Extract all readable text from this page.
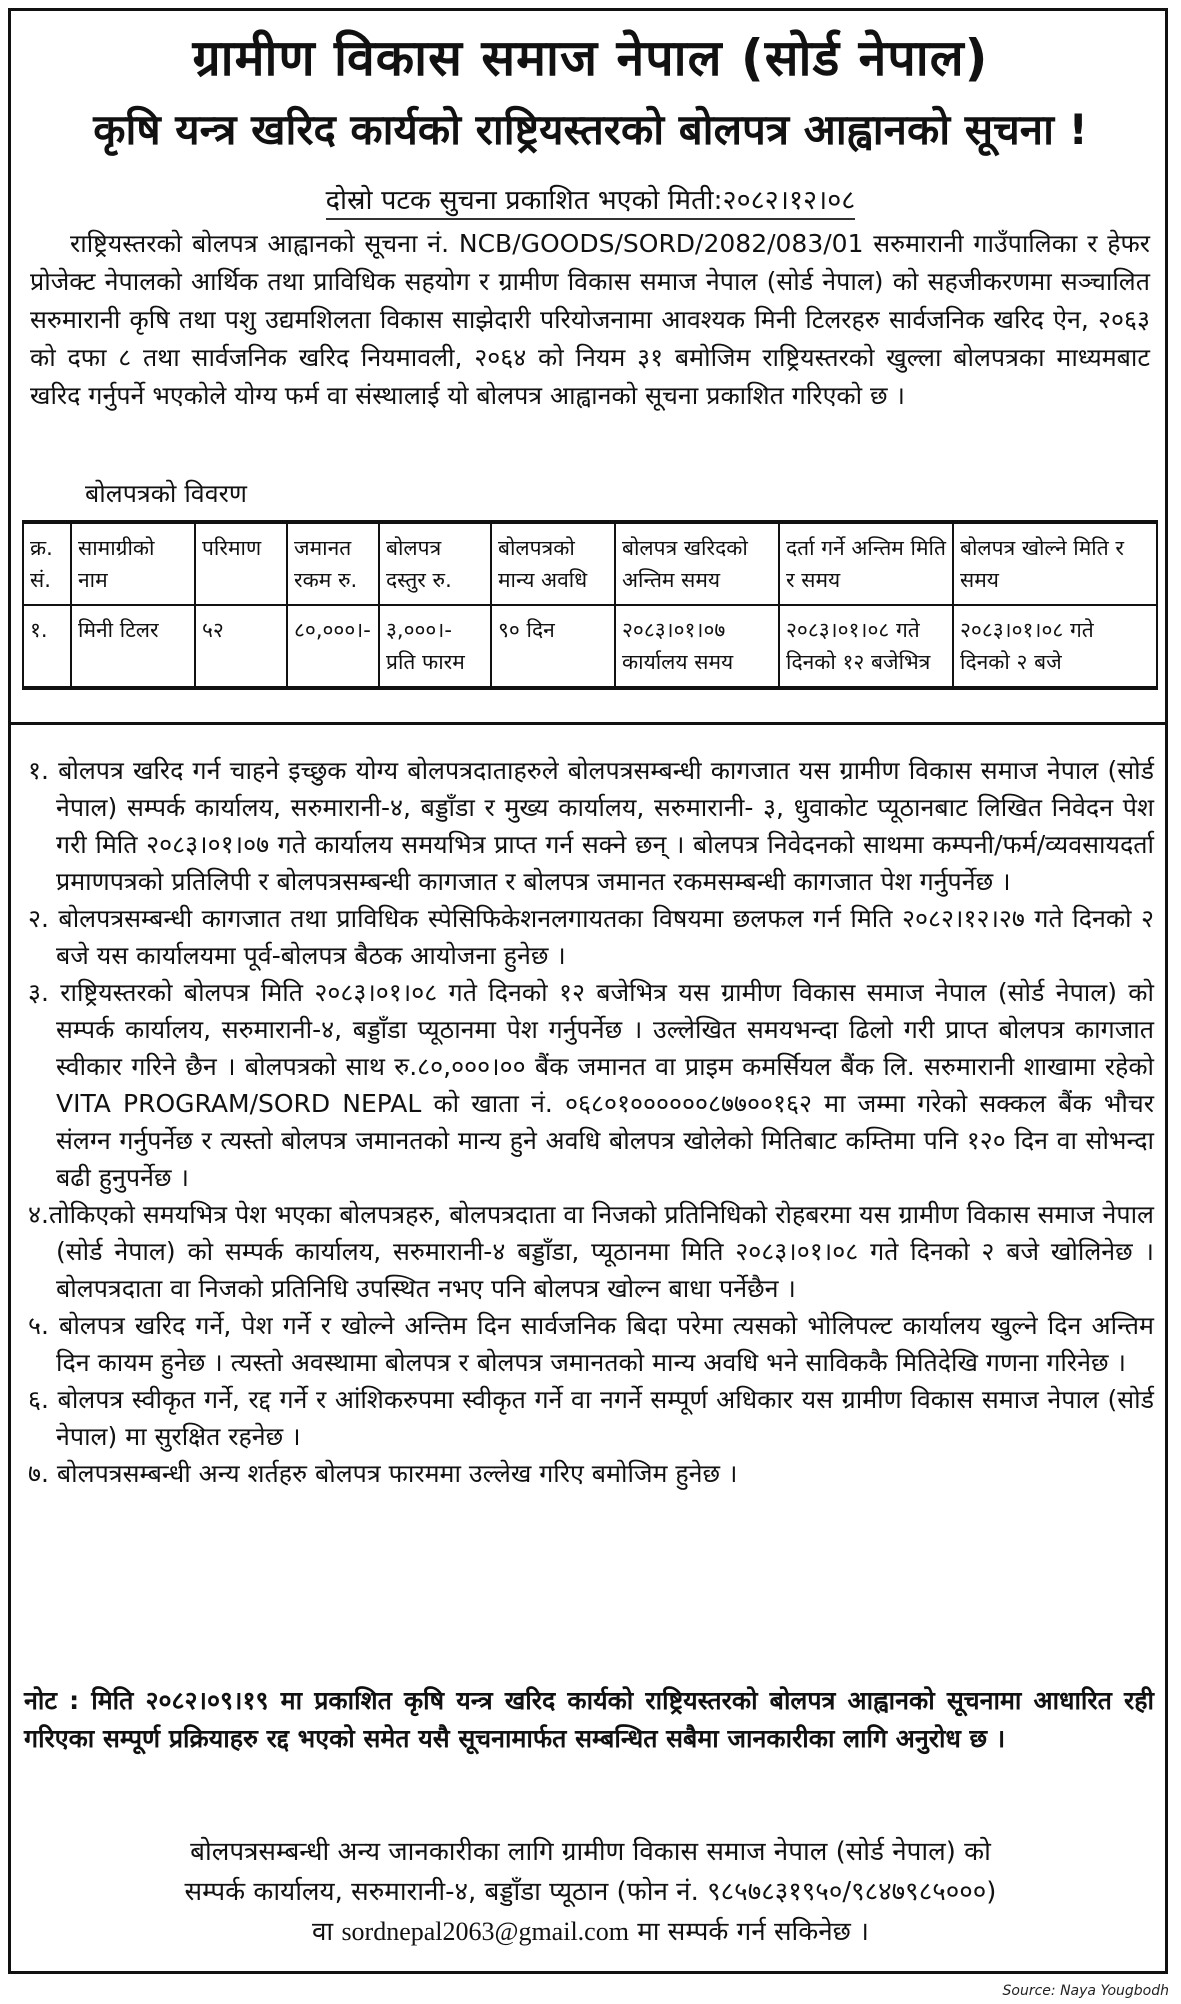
ग्रामीण विकास समाज नेपाल (सोर्ड नेपाल)
कृषि यन्त्र खरिद कार्यको राष्ट्रियस्तरको बोलपत्र आह्वानको सूचना !
दोस्रो पटक सुचना प्रकाशित भएको मिती:२०८२।१२।०८
राष्ट्रियस्तरको बोलपत्र आह्वानको सूचना नं. NCB/GOODS/SORD/2082/083/01 सरुमारानी गाउँपालिका र हेफर प्रोजेक्ट नेपालको आर्थिक तथा प्राविधिक सहयोग र ग्रामीण विकास समाज नेपाल (सोर्ड नेपाल) को सहजीकरणमा सञ्चालित सरुमारानी कृषि तथा पशु उद्यमशिलता विकास साझेदारी परियोजनामा आवश्यक मिनी टिलरहरु सार्वजनिक खरिद ऐन, २०६३ को दफा ८ तथा सार्वजनिक खरिद नियमावली, २०६४ को नियम ३१ बमोजिम राष्ट्रियस्तरको खुल्ला बोलपत्रका माध्यमबाट खरिद गर्नुपर्ने भएकोले योग्य फर्म वा संस्थालाई यो बोलपत्र आह्वानको सूचना प्रकाशित गरिएको छ ।
बोलपत्रको विवरण
क्र. सं.	सामाग्रीको नाम	परिमाण	जमानत रकम रु.	बोलपत्र दस्तुर रु.	बोलपत्रको मान्य अवधि	बोलपत्र खरिदको अन्तिम समय	दर्ता गर्ने अन्तिम मिति र समय	बोलपत्र खोल्ने मिति र समय
१.	मिनी टिलर	५२	८०,०००।-	३,०००।- प्रति फारम	९० दिन	२०८३।०१।०७ कार्यालय समय	२०८३।०१।०८ गते दिनको १२ बजेभित्र	२०८३।०१।०८ गते दिनको २ बजे
१. बोलपत्र खरिद गर्न चाहने इच्छुक योग्य बोलपत्रदाताहरुले बोलपत्रसम्बन्धी कागजात यस ग्रामीण विकास समाज नेपाल (सोर्ड नेपाल) सम्पर्क कार्यालय, सरुमारानी-४, बड्डाँडा र मुख्य कार्यालय, सरुमारानी- ३, धुवाकोट प्यूठानबाट लिखित निवेदन पेश गरी मिति २०८३।०१।०७ गते कार्यालय समयभित्र प्राप्त गर्न सक्ने छन् । बोलपत्र निवेदनको साथमा कम्पनी/फर्म/व्यवसायदर्ता प्रमाणपत्रको प्रतिलिपी र बोलपत्रसम्बन्धी कागजात र बोलपत्र जमानत रकमसम्बन्धी कागजात पेश गर्नुपर्नेछ ।
२. बोलपत्रसम्बन्धी कागजात तथा प्राविधिक स्पेसिफिकेशनलगायतका विषयमा छलफल गर्न मिति २०८२।१२।२७ गते दिनको २ बजे यस कार्यालयमा पूर्व-बोलपत्र बैठक आयोजना हुनेछ ।
३. राष्ट्रियस्तरको बोलपत्र मिति २०८३।०१।०८ गते दिनको १२ बजेभित्र यस ग्रामीण विकास समाज नेपाल (सोर्ड नेपाल) को सम्पर्क कार्यालय, सरुमारानी-४, बड्डाँडा प्यूठानमा पेश गर्नुपर्नेछ । उल्लेखित समयभन्दा ढिलो गरी प्राप्त बोलपत्र कागजात स्वीकार गरिने छैन । बोलपत्रको साथ रु.८०,०००।०० बैंक जमानत वा प्राइम कमर्सियल बैंक लि. सरुमारानी शाखामा रहेको VITA PROGRAM/SORD NEPAL को खाता नं. ०६८०१००००००८७७००१६२ मा जम्मा गरेको सक्कल बैंक भौचर संलग्न गर्नुपर्नेछ र त्यस्तो बोलपत्र जमानतको मान्य हुने अवधि बोलपत्र खोलेको मितिबाट कम्तिमा पनि १२० दिन वा सोभन्दा बढी हुनुपर्नेछ ।
४.तोकिएको समयभित्र पेश भएका बोलपत्रहरु, बोलपत्रदाता वा निजको प्रतिनिधिको रोहबरमा यस ग्रामीण विकास समाज नेपाल (सोर्ड नेपाल) को सम्पर्क कार्यालय, सरुमारानी-४ बड्डाँडा, प्यूठानमा मिति २०८३।०१।०८ गते दिनको २ बजे खोलिनेछ । बोलपत्रदाता वा निजको प्रतिनिधि उपस्थित नभए पनि बोलपत्र खोल्न बाधा पर्नेछैन ।
५. बोलपत्र खरिद गर्ने, पेश गर्ने र खोल्ने अन्तिम दिन सार्वजनिक बिदा परेमा त्यसको भोलिपल्ट कार्यालय खुल्ने दिन अन्तिम दिन कायम हुनेछ । त्यस्तो अवस्थामा बोलपत्र र बोलपत्र जमानतको मान्य अवधि भने साविककै मितिदेखि गणना गरिनेछ ।
६. बोलपत्र स्वीकृत गर्ने, रद्द गर्ने र आंशिकरुपमा स्वीकृत गर्ने वा नगर्ने सम्पूर्ण अधिकार यस ग्रामीण विकास समाज नेपाल (सोर्ड नेपाल) मा सुरक्षित रहनेछ ।
७. बोलपत्रसम्बन्धी अन्य शर्तहरु बोलपत्र फारममा उल्लेख गरिए बमोजिम हुनेछ ।
नोट : मिति २०८२।०९।१९ मा प्रकाशित कृषि यन्त्र खरिद कार्यको राष्ट्रियस्तरको बोलपत्र आह्वानको सूचनामा आधारित रही गरिएका सम्पूर्ण प्रक्रियाहरु रद्द भएको समेत यसै सूचनामार्फत सम्बन्धित सबैमा जानकारीका लागि अनुरोध छ ।
बोलपत्रसम्बन्धी अन्य जानकारीका लागि ग्रामीण विकास समाज नेपाल (सोर्ड नेपाल) को
सम्पर्क कार्यालय, सरुमारानी-४, बड्डाँडा प्यूठान (फोन नं. ९८५७८३१९५०/९८४७९८५०००)
वा sordnepal2063@gmail.com मा सम्पर्क गर्न सकिनेछ ।
Source: Naya Yougbodh
